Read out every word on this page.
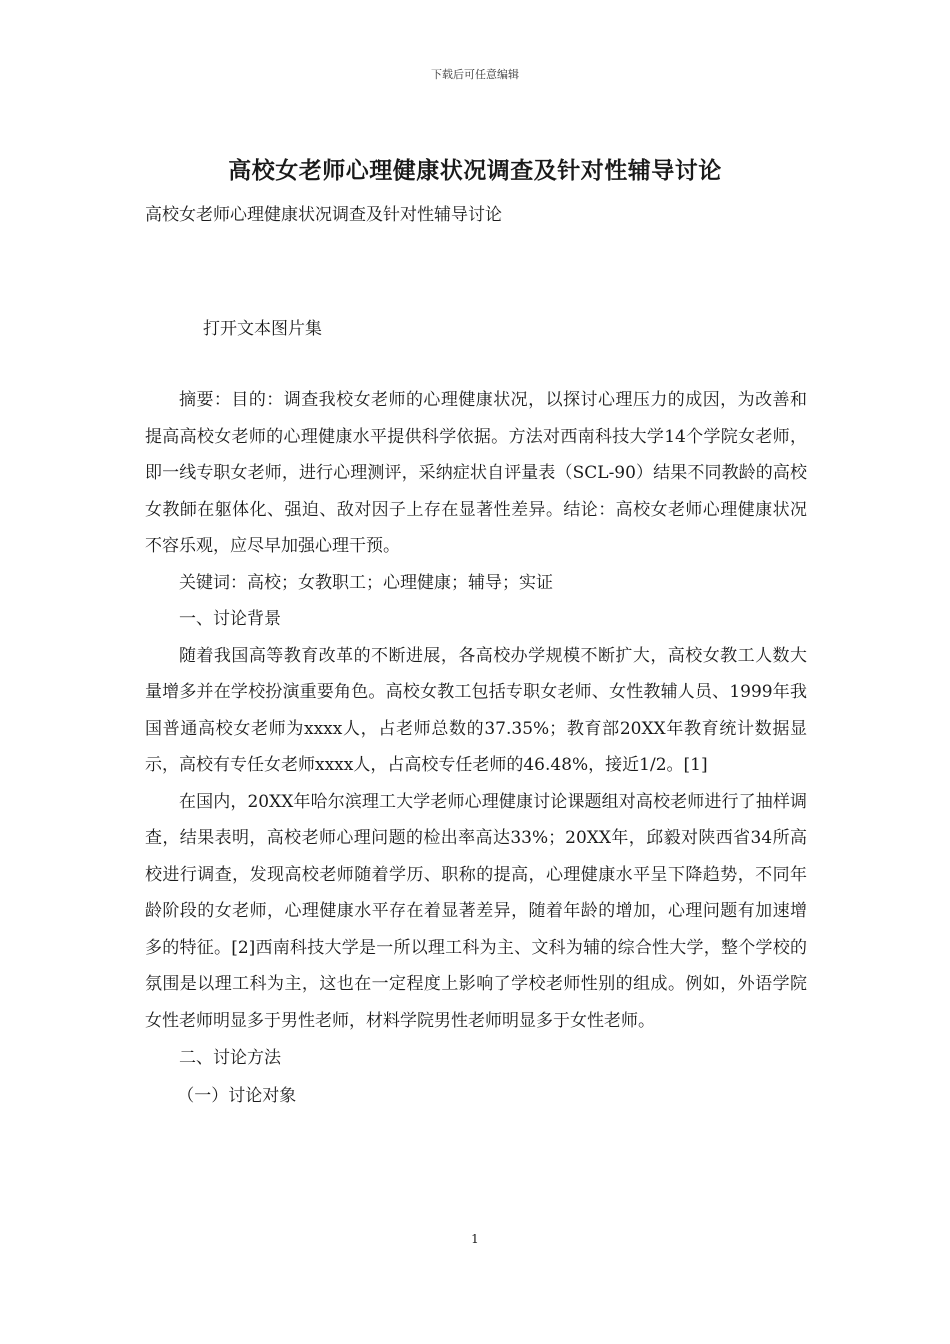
下载后可任意编辑
高校女老师心理健康状况调查及针对性辅导讨论
高校女老师心理健康状况调查及针对性辅导讨论
打开文本图片集

摘要：目的：调查我校女老师的心理健康状况，以探讨心理压力的成因，为改善和提高高校女老师的心理健康水平提供科学依据。方法对西南科技大学14个学院女老师，即一线专职女老师，进行心理测评，采纳症状自评量表（SCL-90）结果不同教龄的高校女教師在躯体化、强迫、敌对因子上存在显著性差异。结论：高校女老师心理健康状况不容乐观，应尽早加强心理干预。

关键词：高校；女教职工；心理健康；辅导；实证

一、讨论背景

随着我国高等教育改革的不断进展，各高校办学规模不断扩大，高校女教工人数大量增多并在学校扮演重要角色。高校女教工包括专职女老师、女性教辅人员、1999年我国普通高校女老师为xxxx人，占老师总数的37.35%；教育部20XX年教育统计数据显示，高校有专任女老师xxxx人，占高校专任老师的46.48%，接近1/2。[1]

在国内，20XX年哈尔滨理工大学老师心理健康讨论课题组对高校老师进行了抽样调查，结果表明，高校老师心理问题的检出率高达33%；20XX年，邱毅对陕西省34所高校进行调查，发现高校老师随着学历、职称的提高，心理健康水平呈下降趋势，不同年龄阶段的女老师，心理健康水平存在着显著差异，随着年龄的增加，心理问题有加速增多的特征。[2]西南科技大学是一所以理工科为主、文科为辅的综合性大学，整个学校的氛围是以理工科为主，这也在一定程度上影响了学校老师性别的组成。例如，外语学院女性老师明显多于男性老师，材料学院男性老师明显多于女性老师。

二、讨论方法

（一）讨论对象

1
